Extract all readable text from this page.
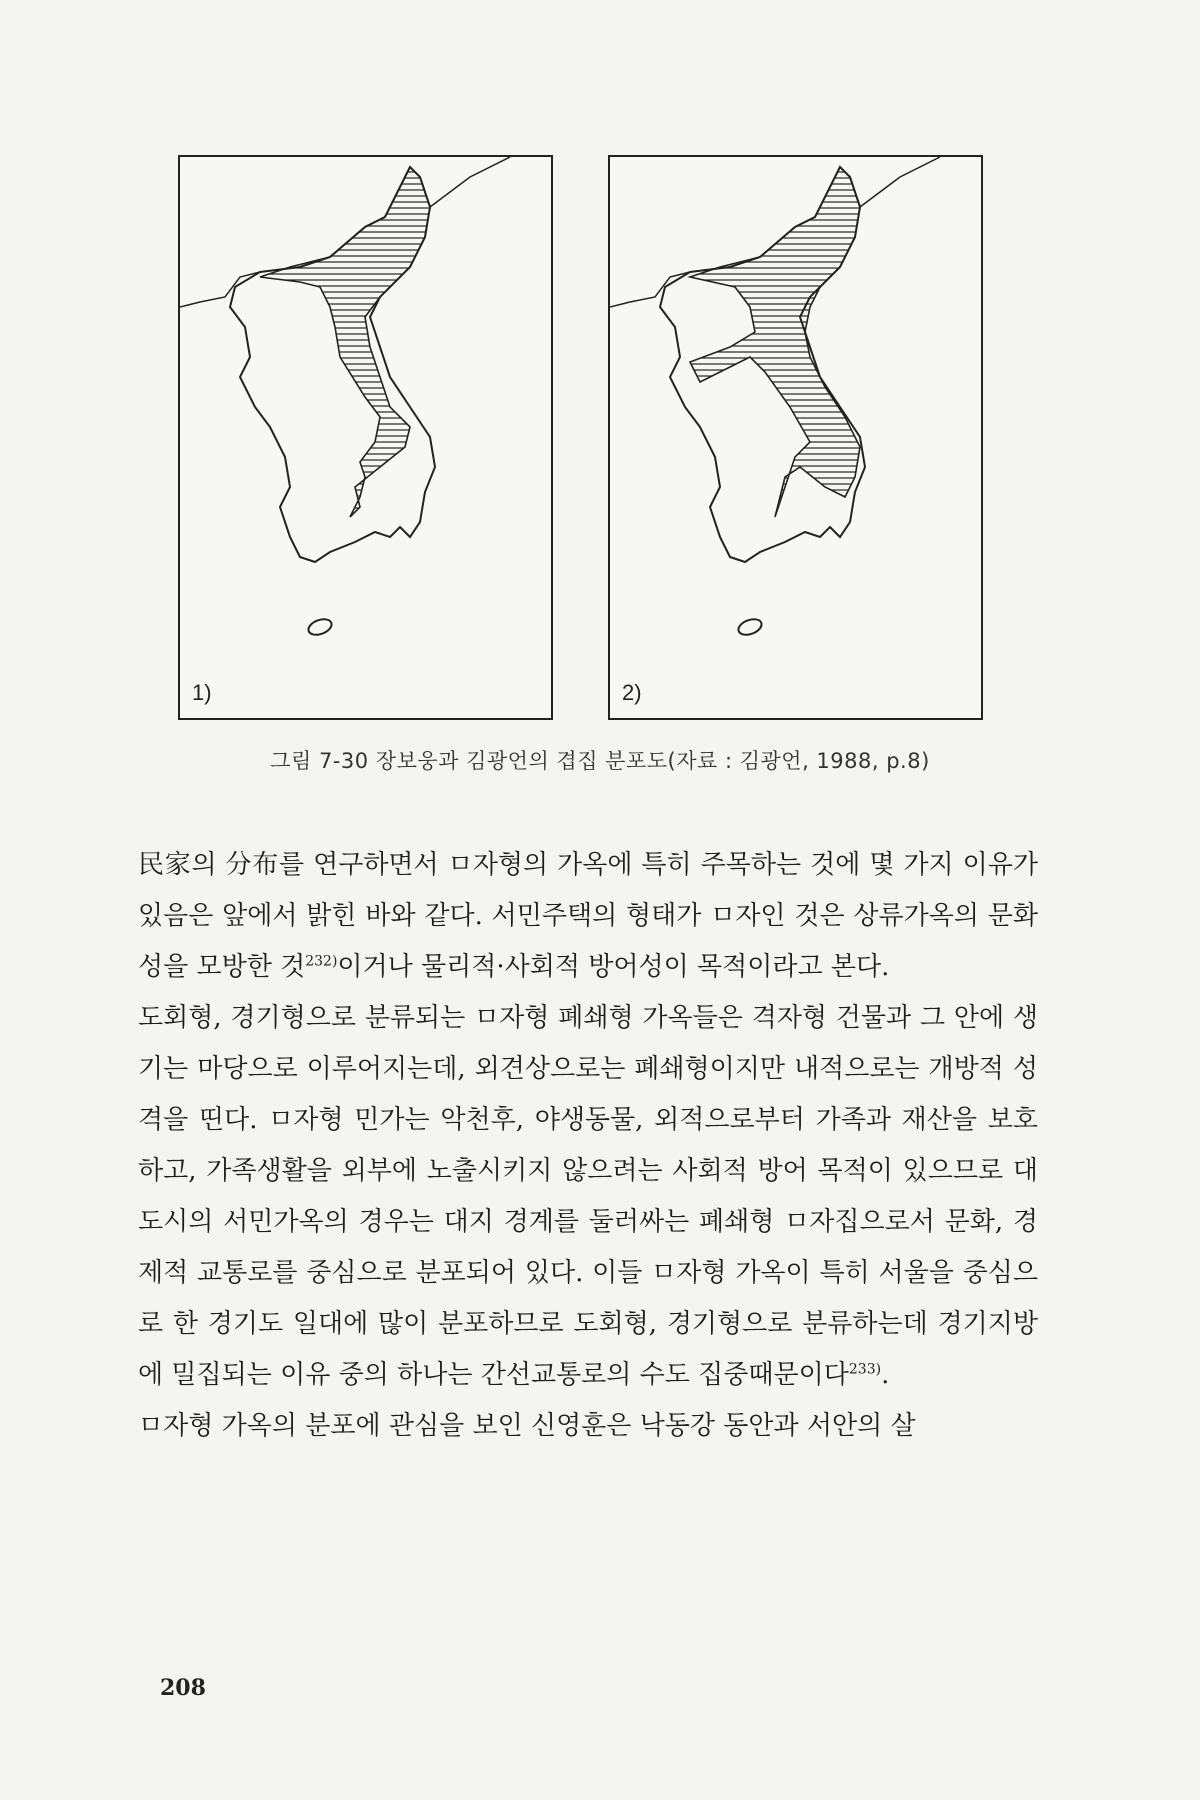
1)	2)
그림 7-30 장보웅과 김광언의 겹집 분포도(자료 : 김광언, 1988, p.8)

民家의 分布를 연구하면서 ㅁ자형의 가옥에 특히 주목하는 것에 몇 가지 이유가 있음은 앞에서 밝힌 바와 같다. 서민주택의 형태가 ㅁ자인 것은 상류가옥의 문화성을 모방한 것$^{232)}$이거나 물리적·사회적 방어성이 목적이라고 본다.

도회형, 경기형으로 분류되는 ㅁ자형 폐쇄형 가옥들은 격자형 건물과 그 안에 생기는 마당으로 이루어지는데, 외견상으로는 폐쇄형이지만 내적으로는 개방적 성격을 띤다. ㅁ자형 민가는 악천후, 야생동물, 외적으로부터 가족과 재산을 보호하고, 가족생활을 외부에 노출시키지 않으려는 사회적 방어 목적이 있으므로 대도시의 서민가옥의 경우는 대지 경계를 둘러싸는 폐쇄형 ㅁ자집으로서 문화, 경제적 교통로를 중심으로 분포되어 있다. 이들 ㅁ자형 가옥이 특히 서울을 중심으로 한 경기도 일대에 많이 분포하므로 도회형, 경기형으로 분류하는데 경기지방에 밀집되는 이유 중의 하나는 간선교통로의 수도 집중때문이다$^{233)}$.

ㅁ자형 가옥의 분포에 관심을 보인 신영훈은 낙동강 동안과 서안의 살

208
